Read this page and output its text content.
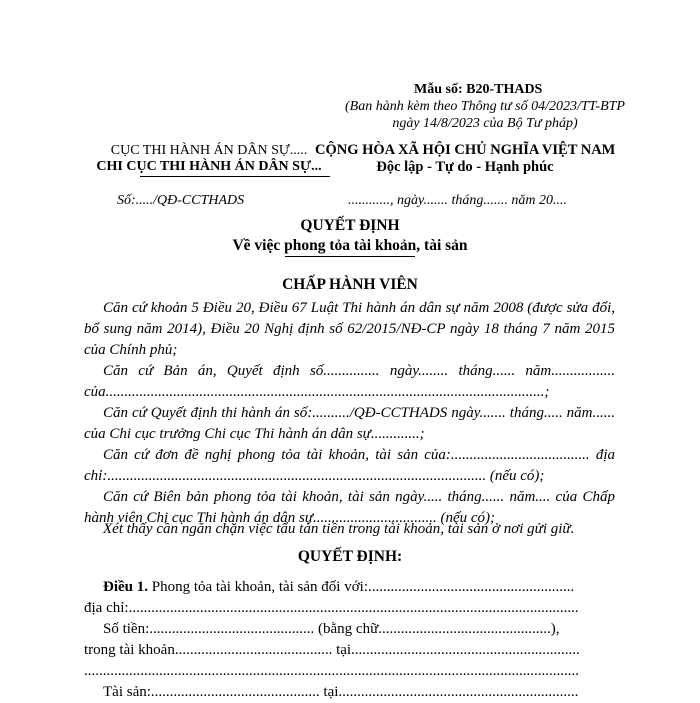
Mẫu số: B20-THADS
(Ban hành kèm theo Thông tư số 04/2023/TT-BTP
ngày 14/8/2023 của Bộ Tư pháp)
CỤC THI HÀNH ÁN DÂN SỰ.....
CHI CỤC THI HÀNH ÁN DÂN SỰ...
CỘNG HÒA XÃ HỘI CHỦ NGHĨA VIỆT NAM
Độc lập - Tự do - Hạnh phúc
Số:...../QĐ-CCTHADS	............, ngày....... tháng....... năm 20....
QUYẾT ĐỊNH
Về việc phong tỏa tài khoản, tài sản
CHẤP HÀNH VIÊN
Căn cứ khoản 5 Điều 20, Điều 67 Luật Thi hành án dân sự năm 2008 (được sửa đổi, bổ sung năm 2014), Điều 20 Nghị định số 62/2015/NĐ-CP ngày 18 tháng 7 năm 2015 của Chính phủ;
Căn cứ Bản án, Quyết định số............... ngày........ tháng...... năm................. của.....................................................................................................................;
Căn cứ Quyết định thi hành án số:........../QĐ-CCTHADS ngày....... tháng..... năm...... của Chi cục trưởng Chi cục Thi hành án dân sự.............;
Căn cứ đơn đề nghị phong tỏa tài khoản, tài sản của:..................................... địa chỉ:..................................................................................................... (nếu có);
Căn cứ Biên bản phong tỏa tài khoản, tài sản ngày..... tháng...... năm.... của Chấp hành viên Chi cục Thi hành án dân sự................................. (nếu có);
Xét thấy cần ngăn chặn việc tẩu tán tiền trong tài khoản, tài sản ở nơi gửi giữ.
QUYẾT ĐỊNH:
Điều 1. Phong tỏa tài khoản, tài sản đối với:.......................................................
địa chỉ:........................................................................................................................
Số tiền:............................................ (bằng chữ..............................................),
trong tài khoản.......................................... tại.............................................................
....................................................................................................................................
Tài sản:............................................. tại................................................................
